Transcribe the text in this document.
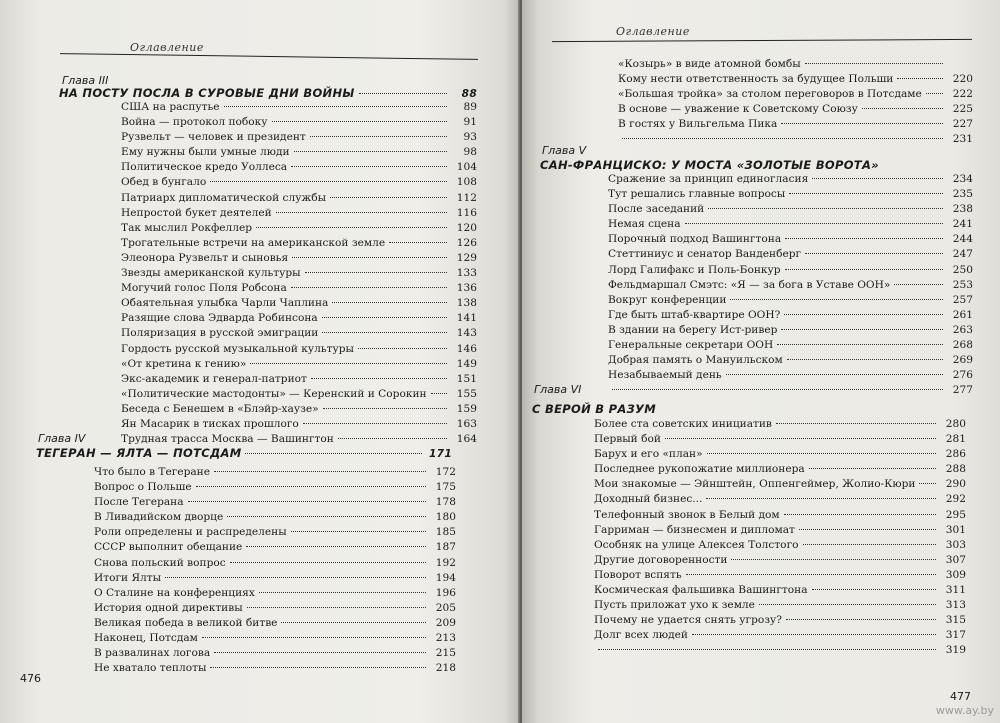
Оглавление
Глава III
НА ПОСТУ ПОСЛА В СУРОВЫЕ ДНИ ВОЙНЫ	88
США на распутье	89
Война — протокол побоку	91
Рузвельт — человек и президент	93
Ему нужны были умные люди	98
Политическое кредо Уоллеса	104
Обед в бунгало	108
Патриарх дипломатической службы	112
Непростой букет деятелей	116
Так мыслил Рокфеллер	120
Трогательные встречи на американской земле	126
Элеонора Рузвельт и сыновья	129
Звезды американской культуры	133
Могучий голос Поля Робсона	136
Обаятельная улыбка Чарли Чаплина	138
Разящие слова Эдварда Робинсона	141
Поляризация в русской эмиграции	143
Гордость русской музыкальной культуры	146
«От кретина к гению»	149
Экс-академик и генерал-патриот	151
«Политические мастодонты» — Керенский и Сорокин	155
Беседа с Бенешем в «Блэйр-хаузе»	159
Ян Масарик в тисках прошлого	163
Трудная трасса Москва — Вашингтон	164
Глава IV
ТЕГЕРАН — ЯЛТА — ПОТСДАМ	171
Что было в Тегеране	172
Вопрос о Польше	175
После Тегерана	178
В Ливадийском дворце	180
Роли определены и распределены	185
СССР выполнит обещание	187
Снова польский вопрос	192
Итоги Ялты	194
О Сталине на конференциях	196
История одной директивы	205
Великая победа в великой битве	209
Наконец, Потсдам	213
В развалинах логова	215
Не хватало теплоты	218
476
Оглавление
«Козырь» в виде атомной бомбы
Кому нести ответственность за будущее Польши	220
«Большая тройка» за столом переговоров в Потсдаме	222
В основе — уважение к Советскому Союзу	225
В гостях у Вильгельма Пика	227
231
Глава V
САН-ФРАНЦИСКО: У МОСТА «ЗОЛОТЫЕ ВОРОТА»
Сражение за принцип единогласия	234
Тут решались главные вопросы	235
После заседаний	238
Немая сцена	241
Порочный подход Вашингтона	244
Стеттиниус и сенатор Ванденберг	247
Лорд Галифакс и Поль-Бонкур	250
Фельдмаршал Смэтс: «Я — за бога в Уставе ООН»	253
Вокруг конференции	257
Где быть штаб-квартире ООН?	261
В здании на берегу Ист-ривер	263
Генеральные секретари ООН	268
Добрая память о Мануильском	269
Незабываемый день	276
277
Глава VI
С ВЕРОЙ В РАЗУМ
Более ста советских инициатив	280
Первый бой	281
Барух и его «план»	286
Последнее рукопожатие миллионера	288
Мои знакомые — Эйнштейн, Оппенгеймер, Жолио-Кюри	290
Доходный бизнес...	292
Телефонный звонок в Белый дом	295
Гарриман — бизнесмен и дипломат	301
Особняк на улице Алексея Толстого	303
Другие договоренности	307
Поворот вспять	309
Космическая фальшивка Вашингтона	311
Пусть приложат ухо к земле	313
Почему не удается снять угрозу?	315
Долг всех людей	317
319
477
www.ay.by
